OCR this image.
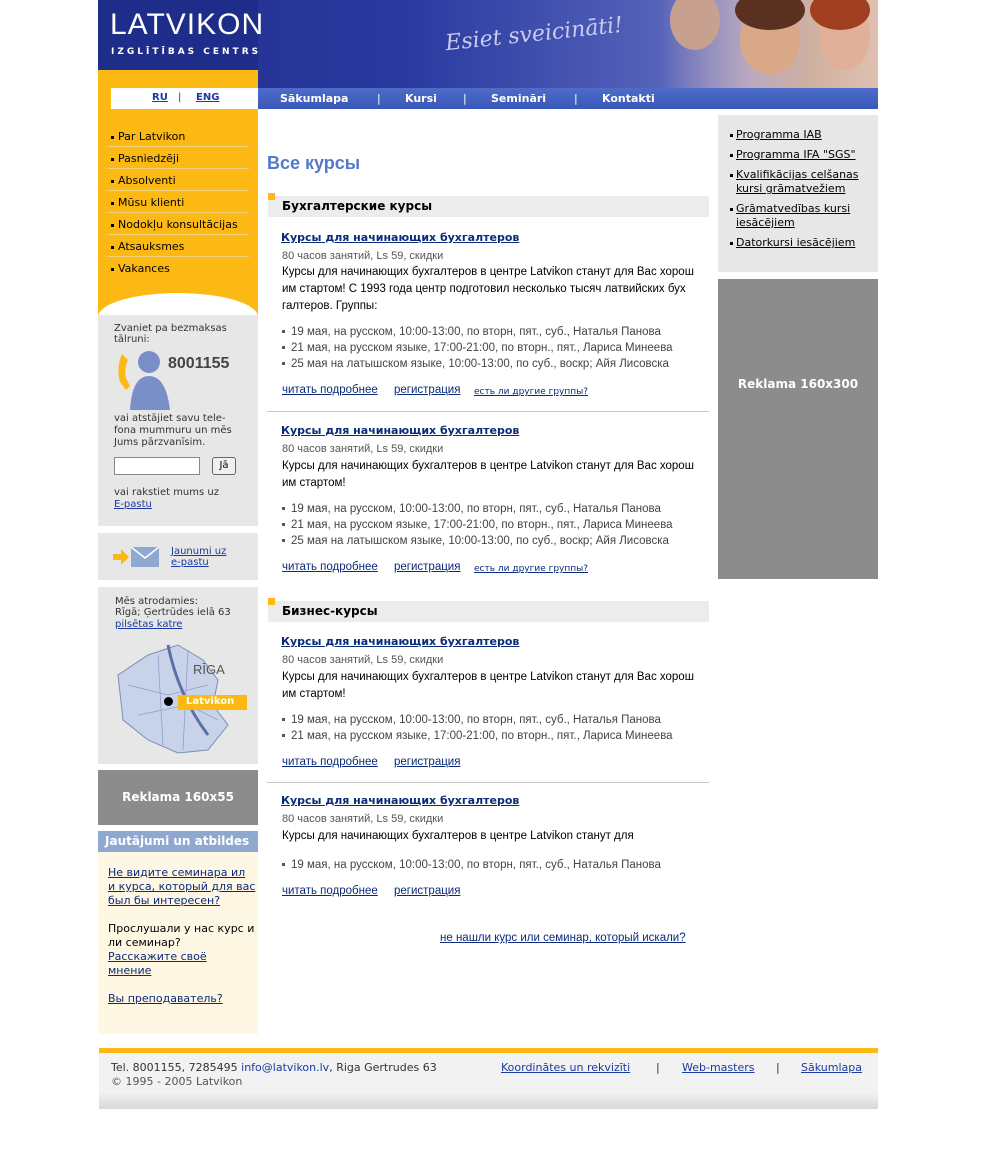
LATVIKON
IZGLĪTĪBAS CENTRS	Esiet sveicināti!
RU | ENG	Sākumlapa	| Kursi | Semināri	| Kontakti
Par Latvikon
Pasniedzēji
Absolventi
Mūsu klienti
Nodokļu konsultācijas
Atsauksmes
Vakances
Zvaniet pa bezmaksas
tālruni:
8001155
vai atstājiet savu tele-
fona mummuru un mēs
Jums pārzvanīsim.
Jā
vai rakstiet mums uz
E-pastu
Jaunumi uz
e-pastu
Mēs atrodamies:
Rīgā; Ģertrūdes ielā 63
pilsētas katre
RĪGA
Latvikon
Reklama 160x55
Jautājumi un atbildes
Не видите семинара ил
и курса, который для вас
был бы интересен?
Прослушали у нас курс и
ли семинар?
Расскажите своё
мнение
Вы преподаватель?
Все курсы
Бухгалтерские курсы
Курсы для начинающих бухгалтеров
80 часов занятий, Ls 59, скидки
Курсы для начинающих бухгалтеров в центре Latvikon станут для Вас хорош
им стартом! С 1993 года центр подготовил несколько тысяч латвийских бух
галтеров. Группы:
19 мая, на русском, 10:00-13:00, по вторн, пят., суб., Наталья Панова
21 мая, на русском языке, 17:00-21:00, по вторн., пят., Лариса Минеева
25 мая на латышском языке, 10:00-13:00, по суб., воскр; Айя Лисовска
читать подробнее регистрация есть ли другие группы?
Курсы для начинающих бухгалтеров
80 часов занятий, Ls 59, скидки
Курсы для начинающих бухгалтеров в центре Latvikon станут для Вас хорош
им стартом!
19 мая, на русском, 10:00-13:00, по вторн, пят., суб., Наталья Панова
21 мая, на русском языке, 17:00-21:00, по вторн., пят., Лариса Минеева
25 мая на латышском языке, 10:00-13:00, по суб., воскр; Айя Лисовска
читать подробнее регистрация есть ли другие группы?
Бизнес-курсы
Курсы для начинающих бухгалтеров
80 часов занятий, Ls 59, скидки
Курсы для начинающих бухгалтеров в центре Latvikon станут для Вас хорош
им стартом!
19 мая, на русском, 10:00-13:00, по вторн, пят., суб., Наталья Панова
21 мая, на русском языке, 17:00-21:00, по вторн., пят., Лариса Минеева
читать подробнее регистрация
Курсы для начинающих бухгалтеров
80 часов занятий, Ls 59, скидки
Курсы для начинающих бухгалтеров в центре Latvikon станут для
19 мая, на русском, 10:00-13:00, по вторн, пят., суб., Наталья Панова
читать подробнее регистрация
не нашли курс или семинар, который искали?
Programma IAB
Programma IFA "SGS"
Kvalifikācijas celšanas kursi grāmatvežiem
Grāmatvedības kursi iesācējiem
Datorkursi iesācējiem
Reklama 160x300
Tel. 8001155, 7285495 info@latvikon.lv, Riga Gertrudes 63
© 1995 - 2005 Latvikon
Koordinātes un rekvizīti | Web-masters | Sākumlapa
